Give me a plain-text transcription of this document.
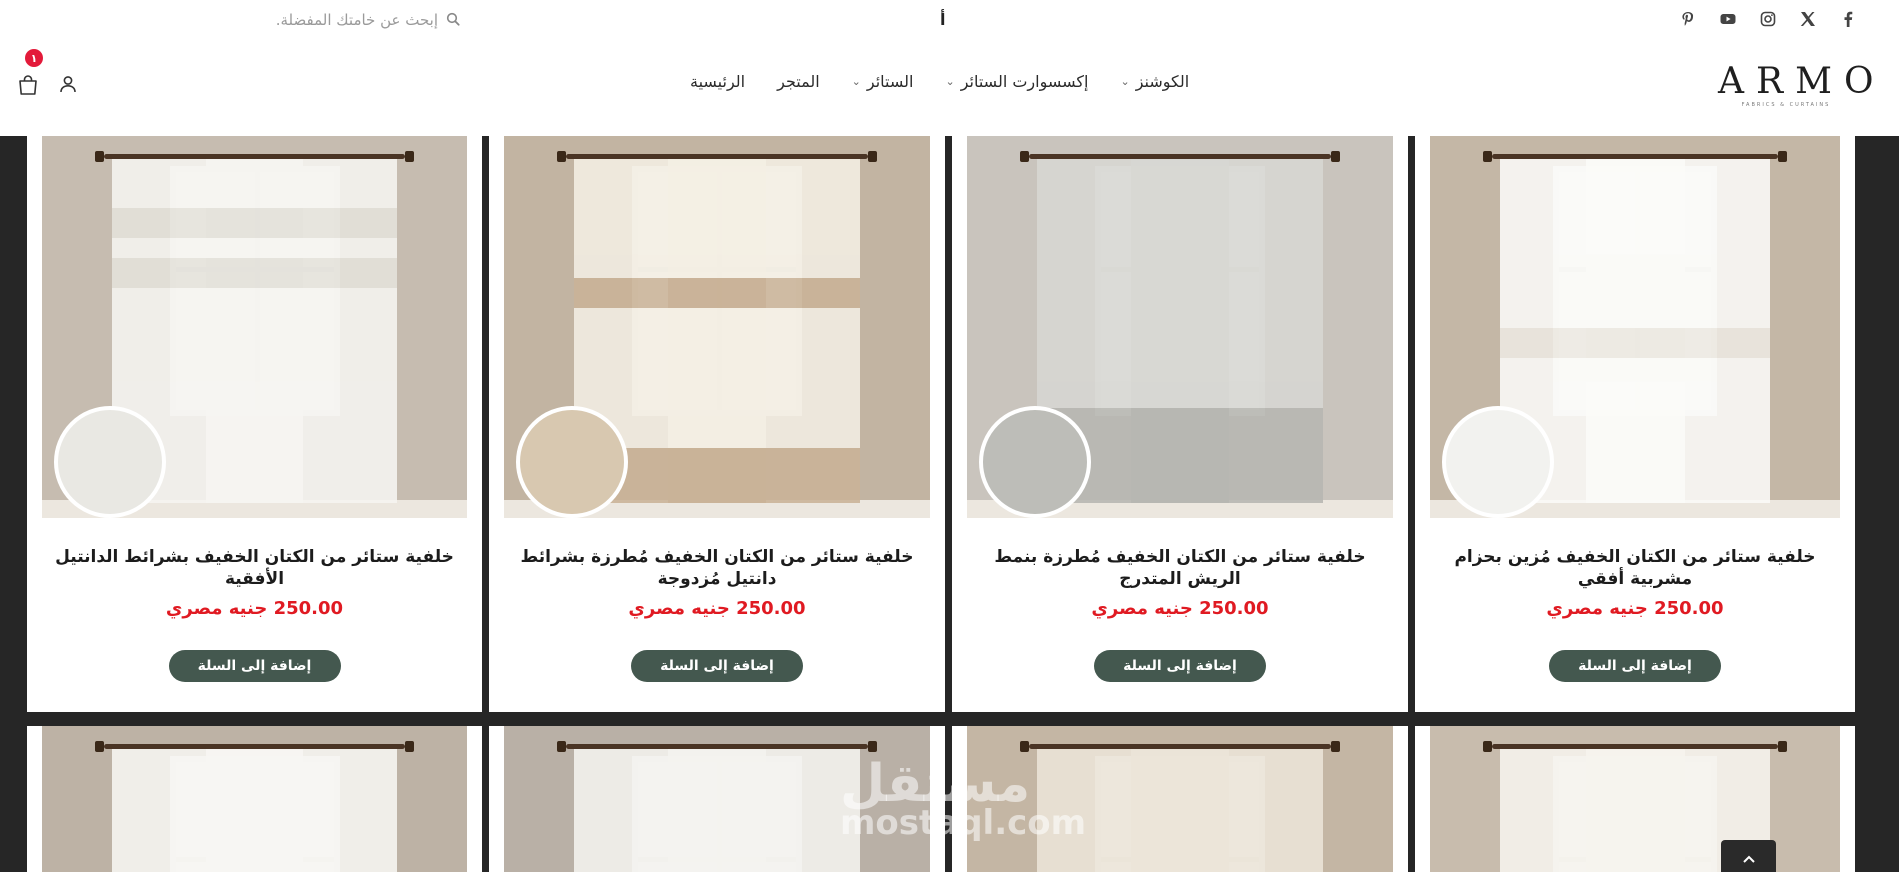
أ
إبحث عن خامتك المفضلة.
الرئيسية المتجر	الستائر
⌄	إكسسوارت الستائر
⌄	الكوشنز
⌄	ARMO
FABRICS & CURTAINS
١
خلفية ستائر من الكتان الخفيف مُزين بحزام مشربية أفقي
250.00 جنيه مصري
إضافة إلى السلة
خلفية ستائر من الكتان الخفيف مُطرزة بنمط الريش المتدرج
250.00 جنيه مصري
إضافة إلى السلة
خلفية ستائر من الكتان الخفيف مُطرزة بشرائط دانتيل مُزدوجة
250.00 جنيه مصري
إضافة إلى السلة
خلفية ستائر من الكتان الخفيف بشرائط الدانتيل الأفقية
250.00 جنيه مصري
إضافة إلى السلة
مستقل
mostaql.com
